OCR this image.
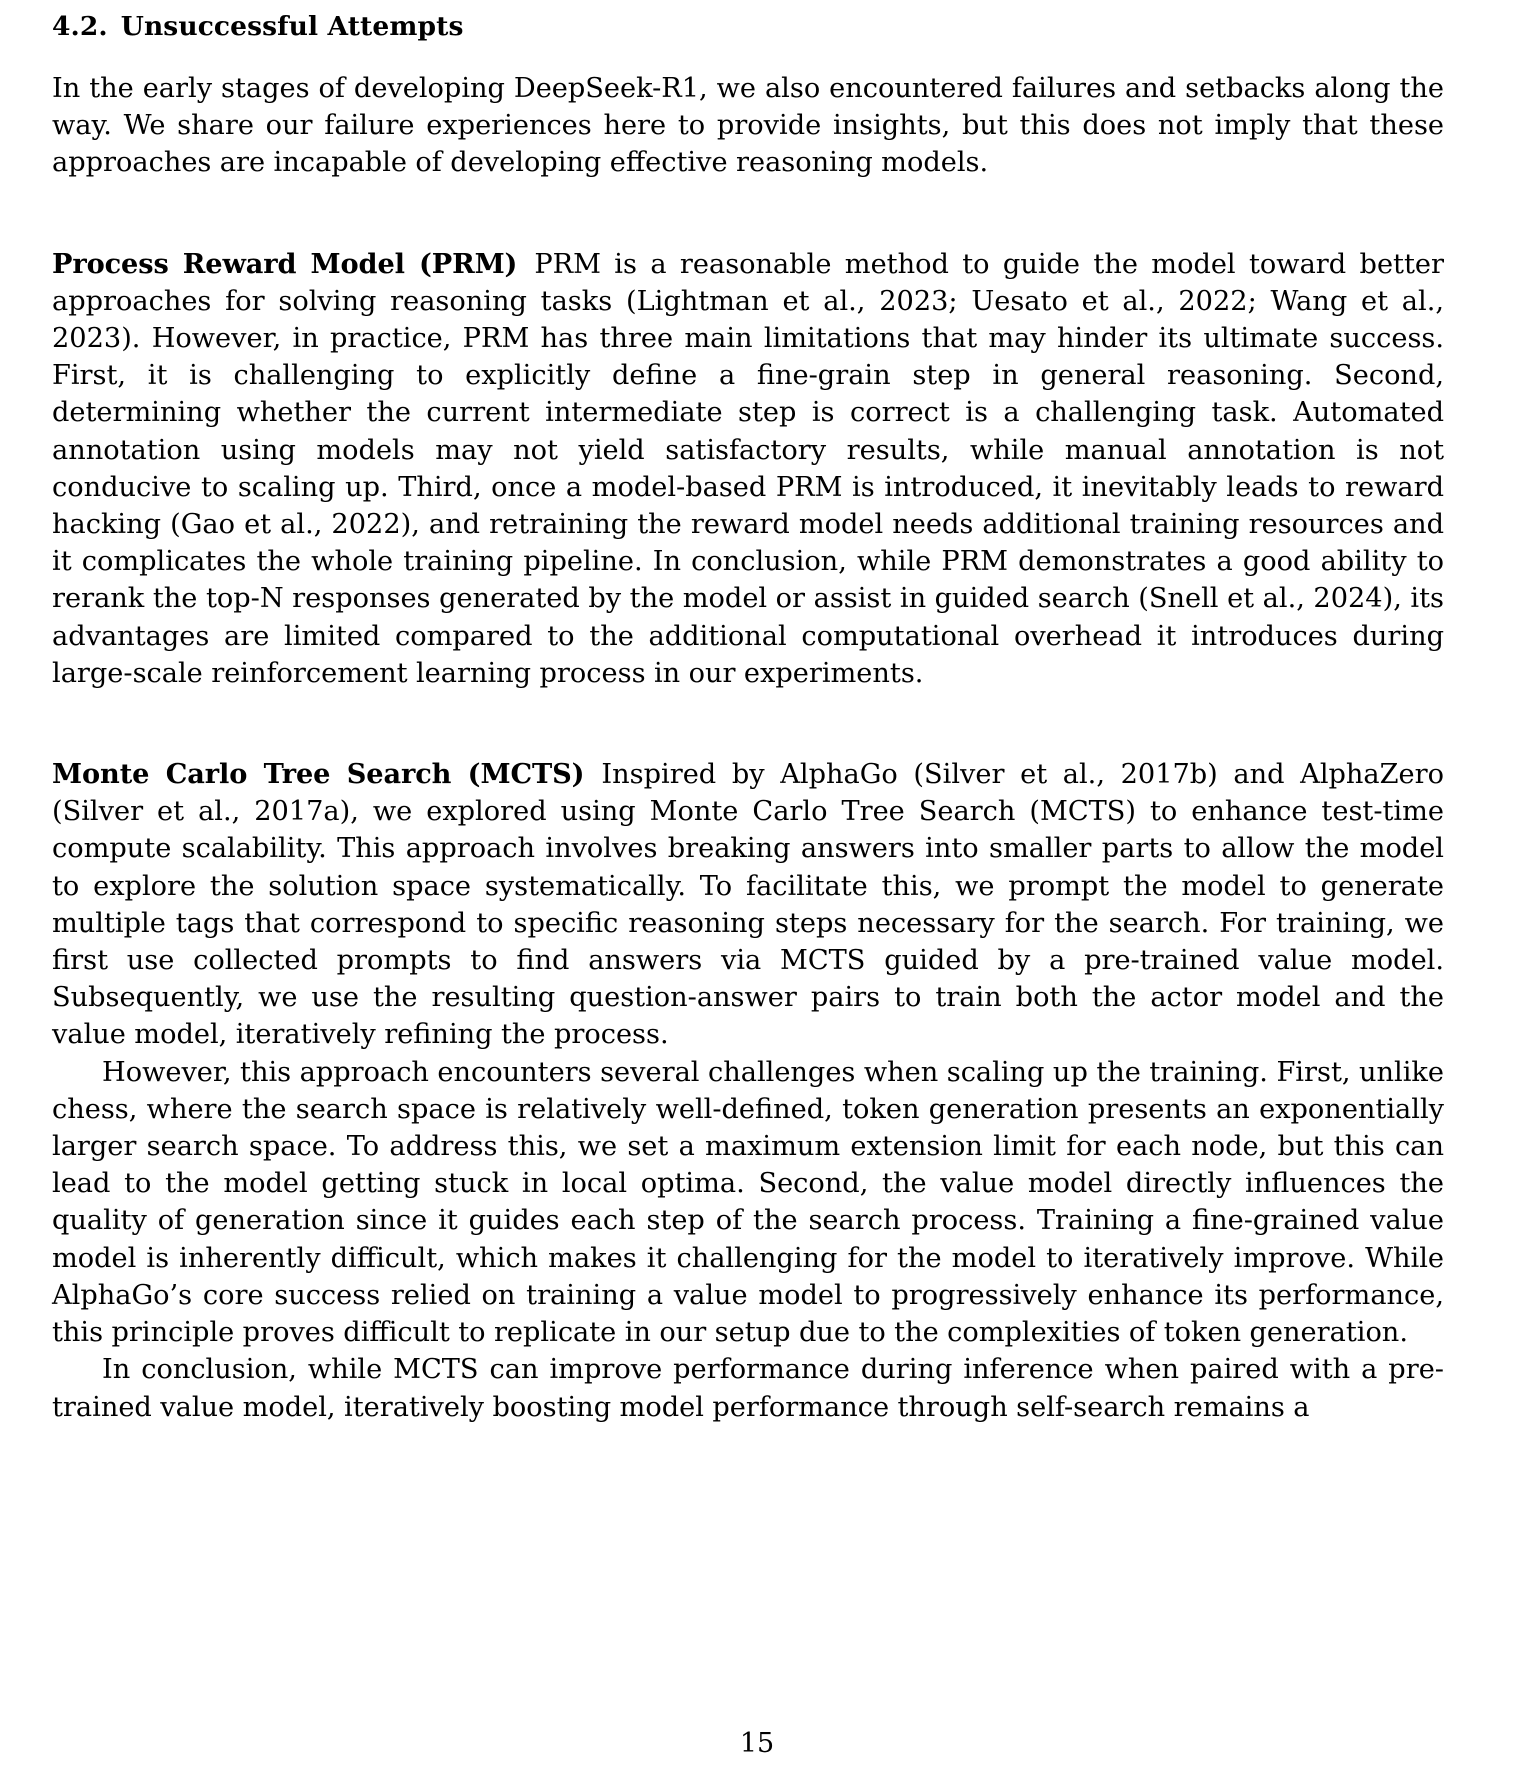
4.2. Unsuccessful Attempts

In the early stages of developing DeepSeek-R1, we also encountered failures and setbacks along the way. We share our failure experiences here to provide insights, but this does not imply that these approaches are incapable of developing effective reasoning models.

Process Reward Model (PRM) PRM is a reasonable method to guide the model toward better approaches for solving reasoning tasks (Lightman et al., 2023; Uesato et al., 2022; Wang et al., 2023). However, in practice, PRM has three main limitations that may hinder its ultimate success. First, it is challenging to explicitly define a fine-grain step in general reasoning. Second, determining whether the current intermediate step is correct is a challenging task. Automated annotation using models may not yield satisfactory results, while manual annotation is not conducive to scaling up. Third, once a model-based PRM is introduced, it inevitably leads to reward hacking (Gao et al., 2022), and retraining the reward model needs additional training resources and it complicates the whole training pipeline. In conclusion, while PRM demonstrates a good ability to rerank the top-N responses generated by the model or assist in guided search (Snell et al., 2024), its advantages are limited compared to the additional computational overhead it introduces during large-scale reinforcement learning process in our experiments.

Monte Carlo Tree Search (MCTS) Inspired by AlphaGo (Silver et al., 2017b) and AlphaZero (Silver et al., 2017a), we explored using Monte Carlo Tree Search (MCTS) to enhance test-time compute scalability. This approach involves breaking answers into smaller parts to allow the model to explore the solution space systematically. To facilitate this, we prompt the model to generate multiple tags that correspond to specific reasoning steps necessary for the search. For training, we first use collected prompts to find answers via MCTS guided by a pre-trained value model. Subsequently, we use the resulting question-answer pairs to train both the actor model and the value model, iteratively refining the process.

However, this approach encounters several challenges when scaling up the training. First, unlike chess, where the search space is relatively well-defined, token generation presents an exponentially larger search space. To address this, we set a maximum extension limit for each node, but this can lead to the model getting stuck in local optima. Second, the value model directly influences the quality of generation since it guides each step of the search process. Training a fine-grained value model is inherently difficult, which makes it challenging for the model to iteratively improve. While AlphaGo’s core success relied on training a value model to progressively enhance its performance, this principle proves difficult to replicate in our setup due to the complexities of token generation.

In conclusion, while MCTS can improve performance during inference when paired with a pre-trained value model, iteratively boosting model performance through self-search remains a

15
